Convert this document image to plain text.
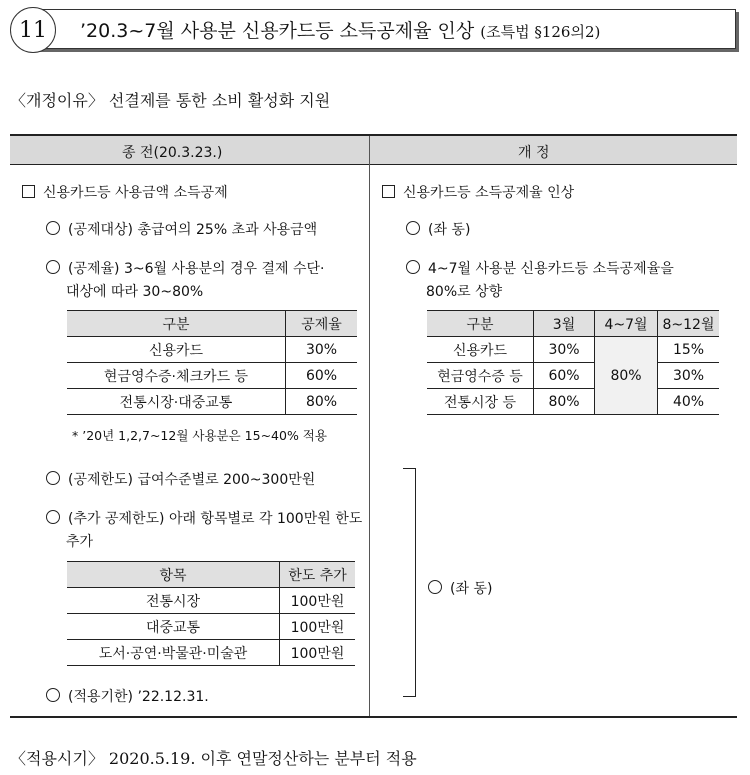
11	’20.3~7월 사용분 신용카드등 소득공제율 인상 (조특법 §126의2)
〈개정이유〉 선결제를 통한 소비 활성화 지원
종 전(20.3.23.)	개 정
신용카드등 사용금액 소득공제
(공제대상) 총급여의 25% 초과 사용금액
(공제율) 3~6월 사용분의 경우 결제 수단·
대상에 따라 30~80%
구분	공제율
신용카드	30%
현금영수증·체크카드 등	60%
전통시장·대중교통	80%
* ’20년 1,2,7~12월 사용분은 15~40% 적용
(공제한도) 급여수준별로 200~300만원
(추가 공제한도) 아래 항목별로 각 100만원 한도
추가
항목	한도 추가
전통시장	100만원
대중교통	100만원
도서·공연·박물관·미술관	100만원
(적용기한) ’22.12.31.
신용카드등 소득공제율 인상
(좌 동)
4~7월 사용분 신용카드등 소득공제율을
80%로 상향
구분	3월	4~7월	8~12월
신용카드	30%	80%	15%
현금영수증 등	60%		30%
전통시장 등	80%		40%
(좌 동)
〈적용시기〉 2020.5.19. 이후 연말정산하는 분부터 적용
